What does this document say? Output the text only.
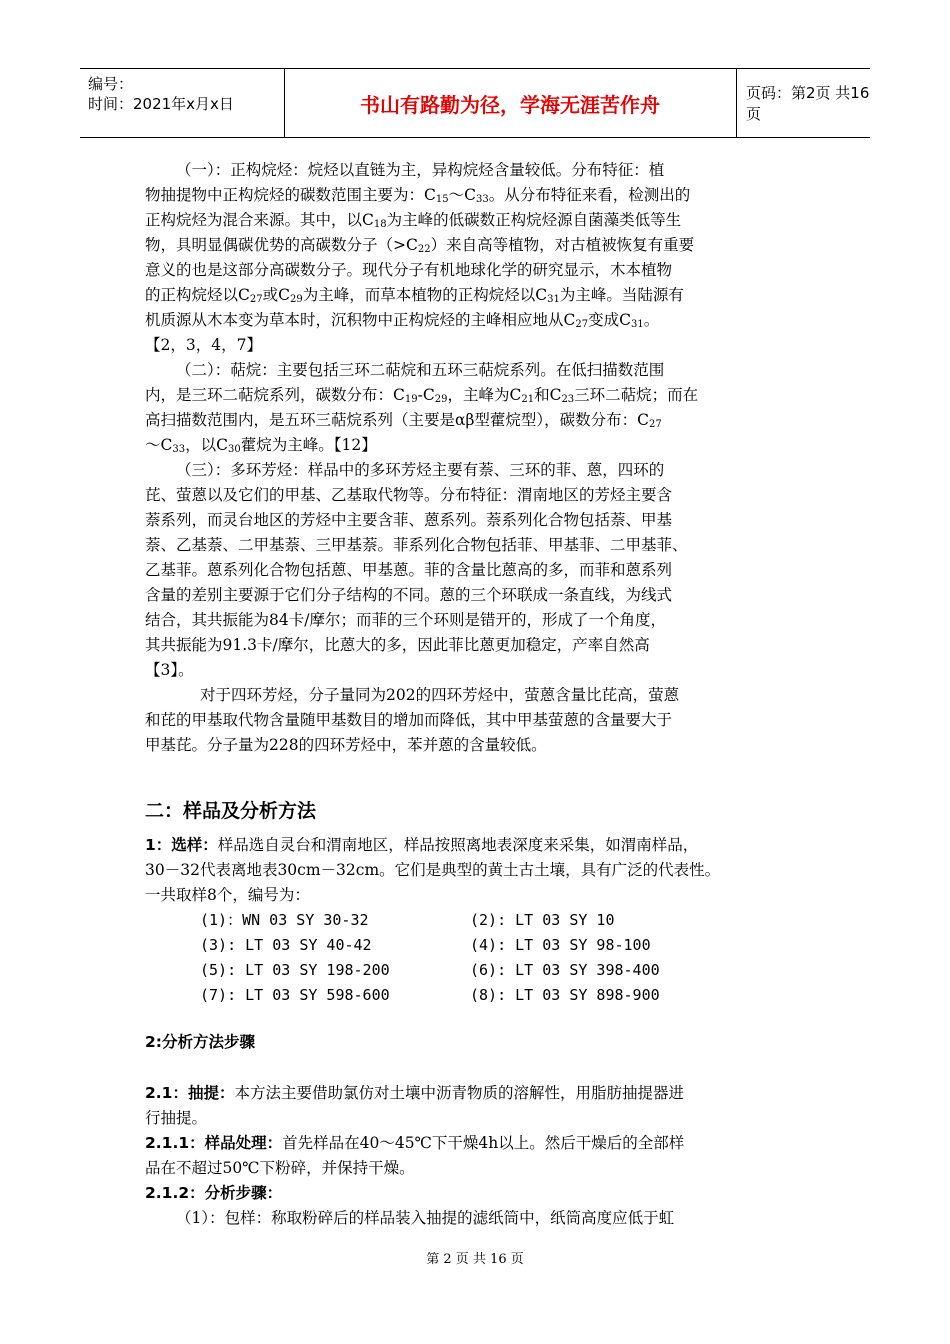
编号：
时间：2021年x月x日	书山有路勤为径，学海无涯苦作舟	页码：第2页 共16页
（一）：正构烷烃：烷烃以直链为主，异构烷烃含量较低。分布特征：植
物抽提物中正构烷烃的碳数范围主要为：$C_{15}\sim C_{33}$。从分布特征来看，检测出的
正构烷烃为混合来源。其中，以$C_{18}$为主峰的低碳数正构烷烃源自菌藻类低等生
物，具明显偶碳优势的高碳数分子$(>C_{22})$来自高等植物，对古植被恢复有重要
意义的也是这部分高碳数分子。现代分子有机地球化学的研究显示，木本植物
的正构烷烃以$C_{27}$或$C_{29}$为主峰，而草本植物的正构烷烃以$C_{31}$为主峰。当陆源有
机质源从木本变为草本时，沉积物中正构烷烃的主峰相应地从$C_{27}$变成$C_{31}$。
【2，3，4，7】
（二）：萜烷：主要包括三环二萜烷和五环三萜烷系列。在低扫描数范围
内，是三环二萜烷系列，碳数分布：$C_{19}-C_{29}$，主峰为$C_{21}$和$C_{23}$三环二萜烷；而在
高扫描数范围内，是五环三萜烷系列（主要是αβ型藿烷型），碳数分布：$C_{27}$
$\sim C_{33}$，以$C_{30}$藿烷为主峰。【12】
（三）：多环芳烃：样品中的多环芳烃主要有萘、三环的菲、蒽，四环的
芘、萤蒽以及它们的甲基、乙基取代物等。分布特征：渭南地区的芳烃主要含
萘系列，而灵台地区的芳烃中主要含菲、蒽系列。萘系列化合物包括萘、甲基
萘、乙基萘、二甲基萘、三甲基萘。菲系列化合物包括菲、甲基菲、二甲基菲、
乙基菲。蒽系列化合物包括蒽、甲基蒽。菲的含量比蒽高的多，而菲和蒽系列
含量的差别主要源于它们分子结构的不同。蒽的三个环联成一条直线，为线式
结合，其共振能为84卡/摩尔；而菲的三个环则是错开的，形成了一个角度，
其共振能为91.3卡/摩尔，比蒽大的多，因此菲比蒽更加稳定，产率自然高
【3】。
对于四环芳烃，分子量同为202的四环芳烃中，萤蒽含量比芘高，萤蒽
和芘的甲基取代物含量随甲基数目的增加而降低，其中甲基萤蒽的含量要大于
甲基芘。分子量为228的四环芳烃中，苯并蒽的含量较低。
二：样品及分析方法
1：选样：样品选自灵台和渭南地区，样品按照离地表深度来采集，如渭南样品，
30－32代表离地表30cm－32cm。它们是典型的黄土古土壤，具有广泛的代表性。
一共取样8个，编号为：
(1)：WN 03 SY 30-32	(2): LT 03 SY 10
(3): LT 03 SY 40-42	(4): LT 03 SY 98-100
(5): LT 03 SY 198-200	(6): LT 03 SY 398-400
(7): LT 03 SY 598-600	(8): LT 03 SY 898-900
2:分析方法步骤
2.1：抽提：本方法主要借助氯仿对土壤中沥青物质的溶解性，用脂肪抽提器进
行抽提。
2.1.1：样品处理：首先样品在40～45℃下干燥4h以上。然后干燥后的全部样
品在不超过50℃下粉碎，并保持干燥。
2.1.2：分析步骤：
（1）：包样：称取粉碎后的样品装入抽提的滤纸筒中，纸筒高度应低于虹
第 2 页 共 16 页
